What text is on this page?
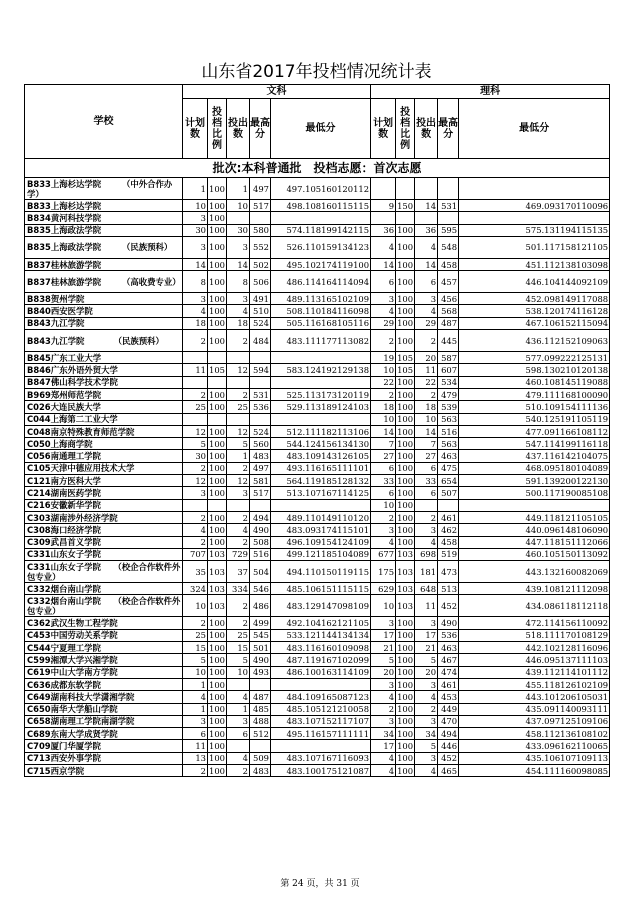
山东省2017年投档情况统计表
批次:本科普通批　投档志愿：首次志愿										
学校	文科					理科				
	计划数	投档比例	投出数	最高分	最低分	计划数	投档比例	投出数	最高分	最低分
B833上海杉达学院　　　（中外合作办学）	1	100	1	497	497.105160120112					
B833上海杉达学院	10	100	10	517	498.108160115115	9	150	14	531	469.093170110096
B834黄河科技学院	3	100								
B835上海政法学院	30	100	30	580	574.118199142115	36	100	36	595	575.131194115135
B835上海政法学院　　　（民族预科）	3	100	3	552	526.110159134123	4	100	4	548	501.117158121105
B837桂林旅游学院	14	100	14	502	495.102174119100	14	100	14	458	451.112138103098
B837桂林旅游学院　　　（高收费专业）	8	100	8	506	486.114164114094	6	100	6	457	446.104144092109
B838贺州学院	3	100	3	491	489.113165102109	3	100	3	456	452.098149117088
B840西安医学院	4	100	4	510	508.110184116098	4	100	4	568	538.120174116128
B843九江学院	18	100	18	524	505.116168105116	29	100	29	487	467.106152115094
B843九江学院　　　　（民族预科）	2	100	2	484	483.111177113082	2	100	2	445	436.112152109063
B845广东工业大学						19	105	20	587	577.099222125131
B846广东外语外贸大学	11	105	12	594	583.124192129138	10	105	11	607	598.130210120138
B847佛山科学技术学院						22	100	22	534	460.108145119088
B969郑州师范学院	2	100	2	531	525.113173120119	2	100	2	479	479.111168100090
C026大连民族大学	25	100	25	536	529.113189124103	18	100	18	539	510.109154111136
C044上海第二工业大学						10	100	10	563	540.125191105119
C048南京特殊教育师范学院	12	100	12	524	512.111182113106	14	100	14	516	477.091166108112
C050上海商学院	5	100	5	560	544.124156134130	7	100	7	563	547.114199116118
C056南通理工学院	30	100	1	483	483.109143126105	27	100	27	463	437.116142104075
C105天津中德应用技术大学	2	100	2	497	493.116165111101	6	100	6	475	468.095180104089
C121南方医科大学	12	100	12	581	564.119185128132	33	100	33	654	591.139200122130
C214湖南医药学院	3	100	3	517	513.107167114125	6	100	6	507	500.117190085108
C216安徽新华学院						10	100			
C303湖南涉外经济学院	2	100	2	494	489.110149110120	2	100	2	461	449.118121105105
C308海口经济学院	4	100	4	490	483.093174115101	3	100	3	462	440.096148106090
C309武昌首义学院	2	100	2	508	496.109154124109	4	100	4	458	447.118151112066
C331山东女子学院	707	103	729	516	499.121185104089	677	103	698	519	460.105150113092
C331山东女子学院　　（校企合作软件外包专业）	35	103	37	504	494.110150119115	175	103	181	473	443.132160082069
C332烟台南山学院	324	103	334	546	485.106151115115	629	103	648	513	439.108121112098
C332烟台南山学院　　（校企合作软件外包专业）	10	103	2	486	483.129147098109	10	103	11	452	434.086118112118
C362武汉生物工程学院	2	100	2	499	492.104162121105	3	100	3	490	472.114156110092
C453中国劳动关系学院	25	100	25	545	533.121144134134	17	100	17	536	518.111170108129
C544宁夏理工学院	15	100	15	501	483.116160109098	21	100	21	463	442.102128116096
C599湘潭大学兴湘学院	5	100	5	490	487.119167102099	5	100	5	467	446.095137111103
C619中山大学南方学院	10	100	10	493	486.100163114109	20	100	20	474	439.112114101112
C636成都东软学院	1	100				3	100	3	461	455.118126102109
C649湖南科技大学潇湘学院	4	100	4	487	484.109165087123	4	100	4	453	443.101206105031
C650南华大学船山学院	1	100	1	485	485.105121210058	2	100	2	449	435.091140093111
C658湖南理工学院南湖学院	3	100	3	488	483.107152117107	3	100	3	470	437.097125109106
C689东南大学成贤学院	6	100	6	512	495.116157111111	34	100	34	494	458.112136108102
C709厦门华厦学院	11	100				17	100	5	446	433.096162110065
C713西安外事学院	13	100	4	509	483.107167116093	4	100	3	452	435.106107109113
C715西京学院	2	100	2	483	483.100175121087	4	100	4	465	454.111160098085
第 24 页，共 31 页
